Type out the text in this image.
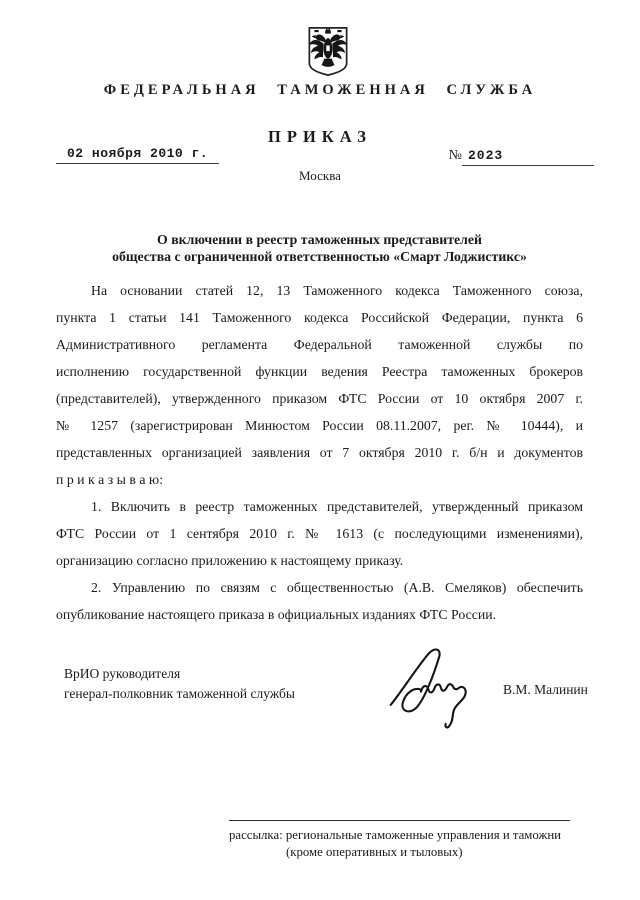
ФЕДЕРАЛЬНАЯ ТАМОЖЕННАЯ СЛУЖБА
ПРИКАЗ
02 ноября 2010 г.	№ 2023
Москва
О включении в реестр таможенных представителей
общества с ограниченной ответственностью «Смарт Лоджистикс»
На основании статей 12, 13 Таможенного кодекса Таможенного союза,
пункта 1 статьи 141 Таможенного кодекса Российской Федерации, пункта 6
Административного регламента Федеральной таможенной службы по
исполнению государственной функции ведения Реестра таможенных брокеров
(представителей), утвержденного приказом ФТС России от 10 октября 2007 г.
№ 1257 (зарегистрирован Минюстом России 08.11.2007, рег. № 10444), и
представленных организацией заявления от 7 октября 2010 г. б/н и документов
п р и к а з ы в а ю:
1. Включить в реестр таможенных представителей, утвержденный приказом
ФТС России от 1 сентября 2010 г. № 1613 (с последующими изменениями),
организацию согласно приложению к настоящему приказу.
2. Управлению по связям с общественностью (А.В. Смеляков) обеспечить
опубликование настоящего приказа в официальных изданиях ФТС России.
ВрИО руководителя
генерал-полковник таможенной службы	В.М. Малинин
рассылка: региональные таможенные управления и таможни
(кроме оперативных и тыловых)
